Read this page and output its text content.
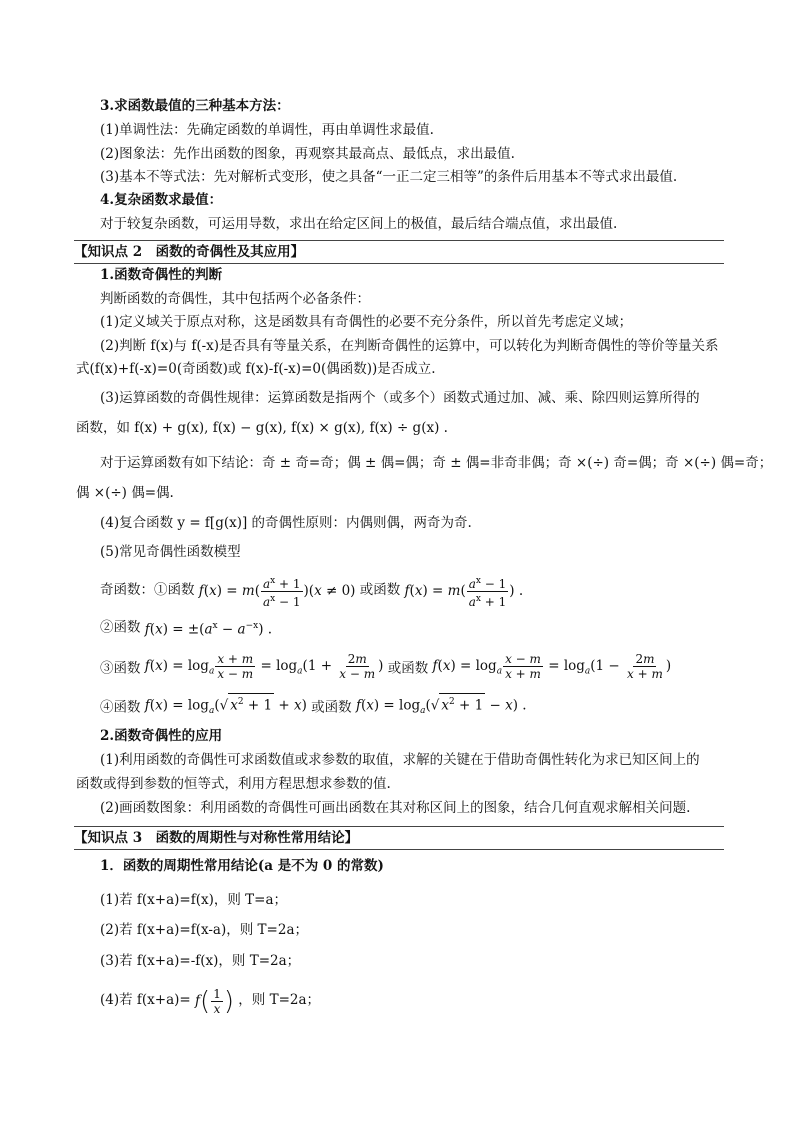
3.求函数最值的三种基本方法：
(1)单调性法：先确定函数的单调性，再由单调性求最值.
(2)图象法：先作出函数的图象，再观察其最高点、最低点，求出最值.
(3)基本不等式法：先对解析式变形，使之具备“一正二定三相等”的条件后用基本不等式求出最值.
4.复杂函数求最值：
对于较复杂函数，可运用导数，求出在给定区间上的极值，最后结合端点值，求出最值.
【知识点 2　函数的奇偶性及其应用】
1.函数奇偶性的判断
判断函数的奇偶性，其中包括两个必备条件：
(1)定义域关于原点对称，这是函数具有奇偶性的必要不充分条件，所以首先考虑定义域；
(2)判断 f(x)与 f(-x)是否具有等量关系，在判断奇偶性的运算中，可以转化为判断奇偶性的等价等量关系
式(f(x)+f(-x)=0(奇函数)或 f(x)-f(-x)=0(偶函数))是否成立.
(3)运算函数的奇偶性规律：运算函数是指两个（或多个）函数式通过加、减、乘、除四则运算所得的
函数，如 f(x) + g(x), f(x) − g(x), f(x) × g(x), f(x) ÷ g(x) .
对于运算函数有如下结论：奇 ± 奇=奇；偶 ± 偶=偶；奇 ± 偶=非奇非偶；奇 ×(÷) 奇=偶；奇 ×(÷) 偶=奇；
偶 ×(÷) 偶=偶.
(4)复合函数 y = f[g(x)] 的奇偶性原则：内偶则偶，两奇为奇.
(5)常见奇偶性函数模型
奇函数：①函数 $f(x) = m( \frac{a^x + 1}{a^x - 1} )(x \ne 0)$ 或函数 $f(x) = m( \frac{a^x - 1}{a^x + 1}$ ) .
②函数 $f(x) = \pm(a^x - a^{-x})$ .
③函数 $f(x) = \log_a \frac{x + m}{x - m} = \log_a(1 + \frac{2m}{x - m}$ ) 或函数 $f(x) = \log_a \frac{x - m}{x + m} = \log_a(1 - \frac{2m}{x + m}$ )
④函数 $f(x) = \log_a(√$ $x^2 + 1 + x$) 或函数 $f(x) = \log_a(√$ $x^2 + 1 - x$) .
2.函数奇偶性的应用
(1)利用函数的奇偶性可求函数值或求参数的取值，求解的关键在于借助奇偶性转化为求已知区间上的
函数或得到参数的恒等式，利用方程思想求参数的值.
(2)画函数图象：利用函数的奇偶性可画出函数在其对称区间上的图象，结合几何直观求解相关问题.
【知识点 3　函数的周期性与对称性常用结论】
1．函数的周期性常用结论(a 是不为 0 的常数)
(1)若 f(x+a)=f(x)，则 T=a；
(2)若 f(x+a)=f(x-a)，则 T=2a；
(3)若 f(x+a)=-f(x)，则 T=2a；
(4)若 $f(x+a)= f( \frac{1}{x}$ ) ，则 T=2a；
